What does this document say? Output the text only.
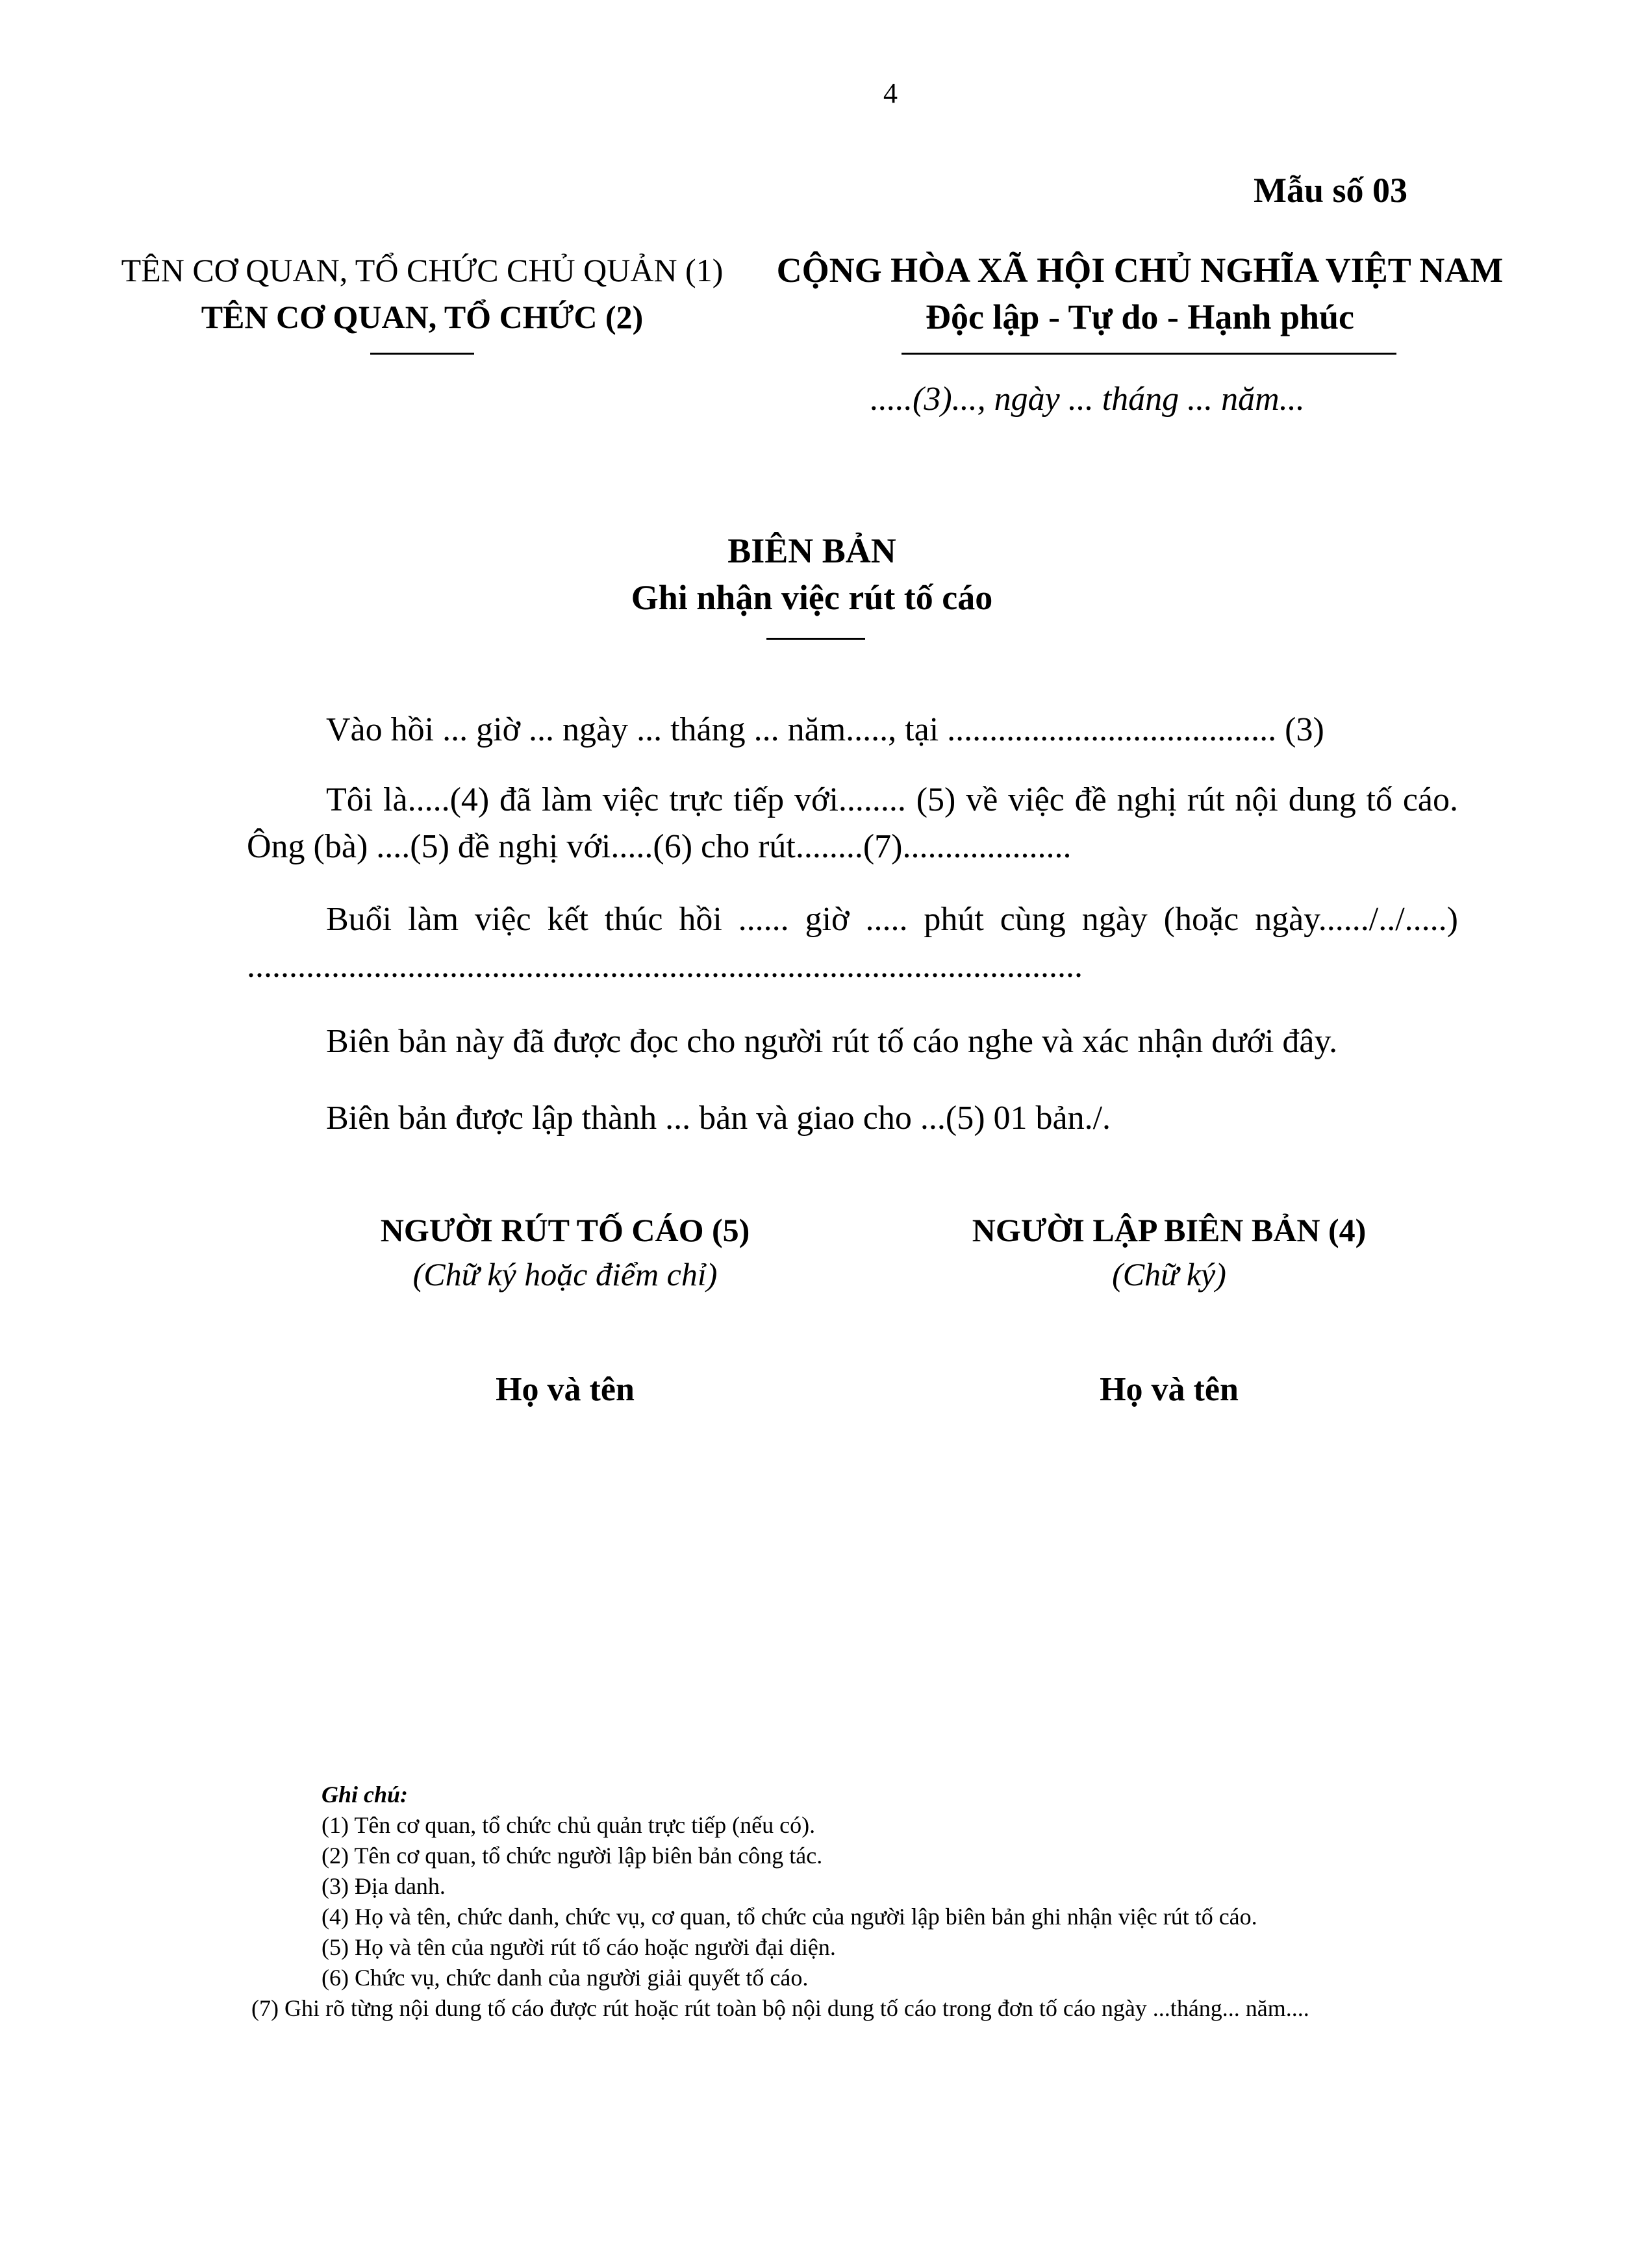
4
Mẫu số 03
TÊN CƠ QUAN, TỔ CHỨC CHỦ QUẢN (1)
TÊN CƠ QUAN, TỔ CHỨC (2)
CỘNG HÒA XÃ HỘI CHỦ NGHĨA VIỆT NAM
Độc lập - Tự do - Hạnh phúc
.....(3)..., ngày ... tháng ... năm...
BIÊN BẢN
Ghi nhận việc rút tố cáo

Vào hồi ... giờ ... ngày ... tháng ... năm....., tại ....................................... (3)

Tôi là.....(4) đã làm việc trực tiếp với........ (5) về việc đề nghị rút nội dung tố cáo. Ông (bà) ....(5) đề nghị với.....(6) cho rút........(7)....................

Buổi làm việc kết thúc hồi ...... giờ ..... phút cùng ngày (hoặc ngày....../../.....) ...................................................................................................

Biên bản này đã được đọc cho người rút tố cáo nghe và xác nhận dưới đây.

Biên bản được lập thành ... bản và giao cho ...(5) 01 bản./.

NGƯỜI RÚT TỐ CÁO (5)
(Chữ ký hoặc điểm chỉ)
NGƯỜI LẬP BIÊN BẢN (4)
(Chữ ký)
Họ và tên	Họ và tên
Ghi chú:
(1) Tên cơ quan, tổ chức chủ quản trực tiếp (nếu có).
(2) Tên cơ quan, tổ chức người lập biên bản công tác.
(3) Địa danh.
(4) Họ và tên, chức danh, chức vụ, cơ quan, tổ chức của người lập biên bản ghi nhận việc rút tố cáo.
(5) Họ và tên của người rút tố cáo hoặc người đại diện.
(6) Chức vụ, chức danh của người giải quyết tố cáo.
(7) Ghi rõ từng nội dung tố cáo được rút hoặc rút toàn bộ nội dung tố cáo trong đơn tố cáo ngày ...tháng... năm....
